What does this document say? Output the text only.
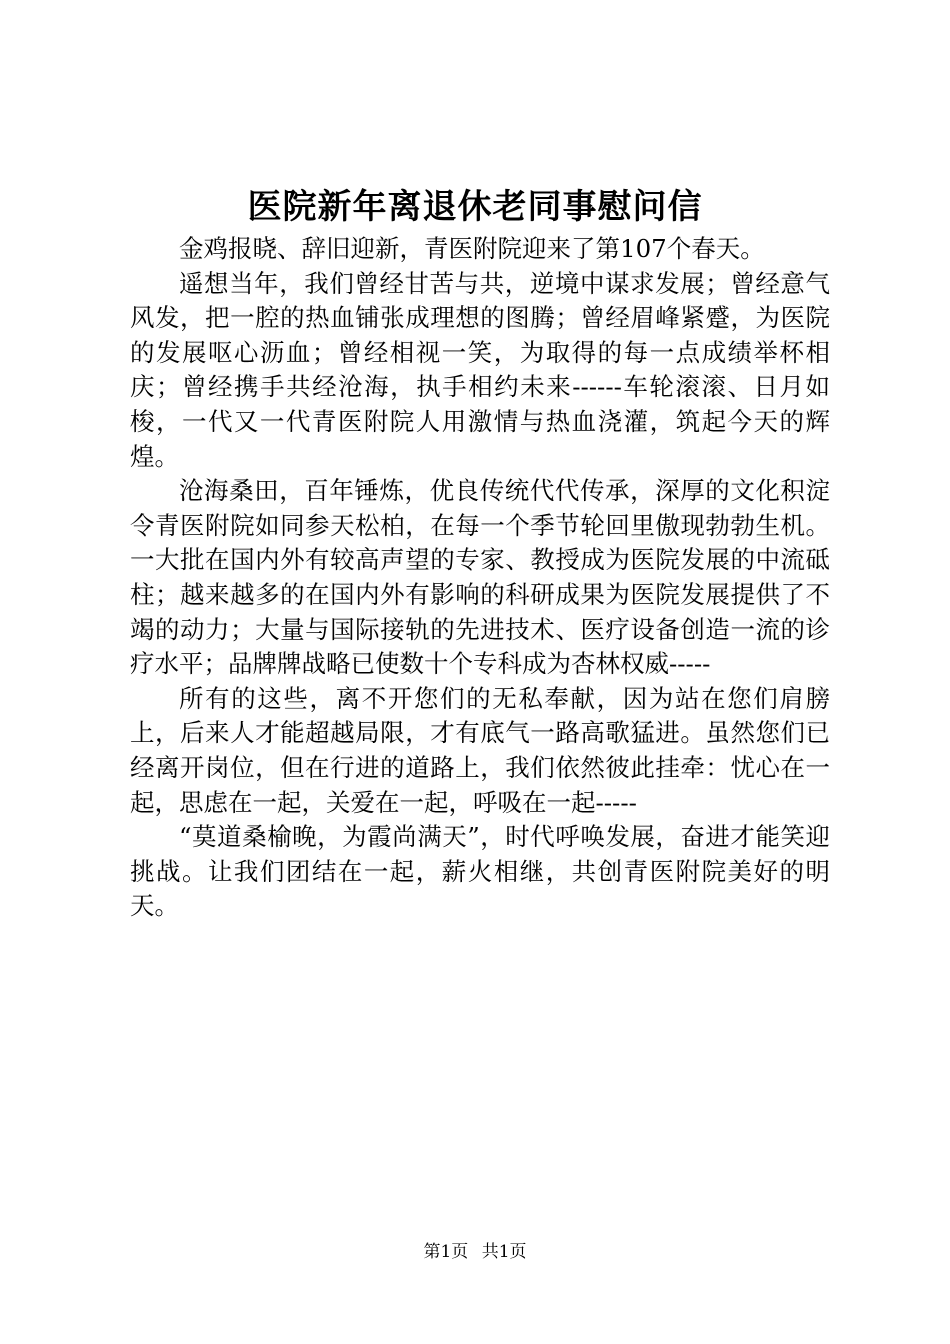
医院新年离退休老同事慰问信

金鸡报晓、辞旧迎新，青医附院迎来了第107个春天。

遥想当年，我们曾经甘苦与共，逆境中谋求发展；曾经意气风发，把一腔的热血铺张成理想的图腾；曾经眉峰紧蹙，为医院的发展呕心沥血；曾经相视一笑，为取得的每一点成绩举杯相庆；曾经携手共经沧海，执手相约未来------车轮滚滚、日月如梭，一代又一代青医附院人用激情与热血浇灌，筑起今天的辉煌。

沧海桑田，百年锤炼，优良传统代代传承，深厚的文化积淀令青医附院如同参天松柏，在每一个季节轮回里傲现勃勃生机。一大批在国内外有较高声望的专家、教授成为医院发展的中流砥柱；越来越多的在国内外有影响的科研成果为医院发展提供了不竭的动力；大量与国际接轨的先进技术、医疗设备创造一流的诊疗水平；品牌牌战略已使数十个专科成为杏林权威-----

所有的这些，离不开您们的无私奉献，因为站在您们肩膀上，后来人才能超越局限，才有底气一路高歌猛进。虽然您们已经离开岗位，但在行进的道路上，我们依然彼此挂牵：忧心在一起，思虑在一起，关爱在一起，呼吸在一起-----

“莫道桑榆晚，为霞尚满天”，时代呼唤发展，奋进才能笑迎挑战。让我们团结在一起，薪火相继，共创青医附院美好的明天。

第1页 共1页
